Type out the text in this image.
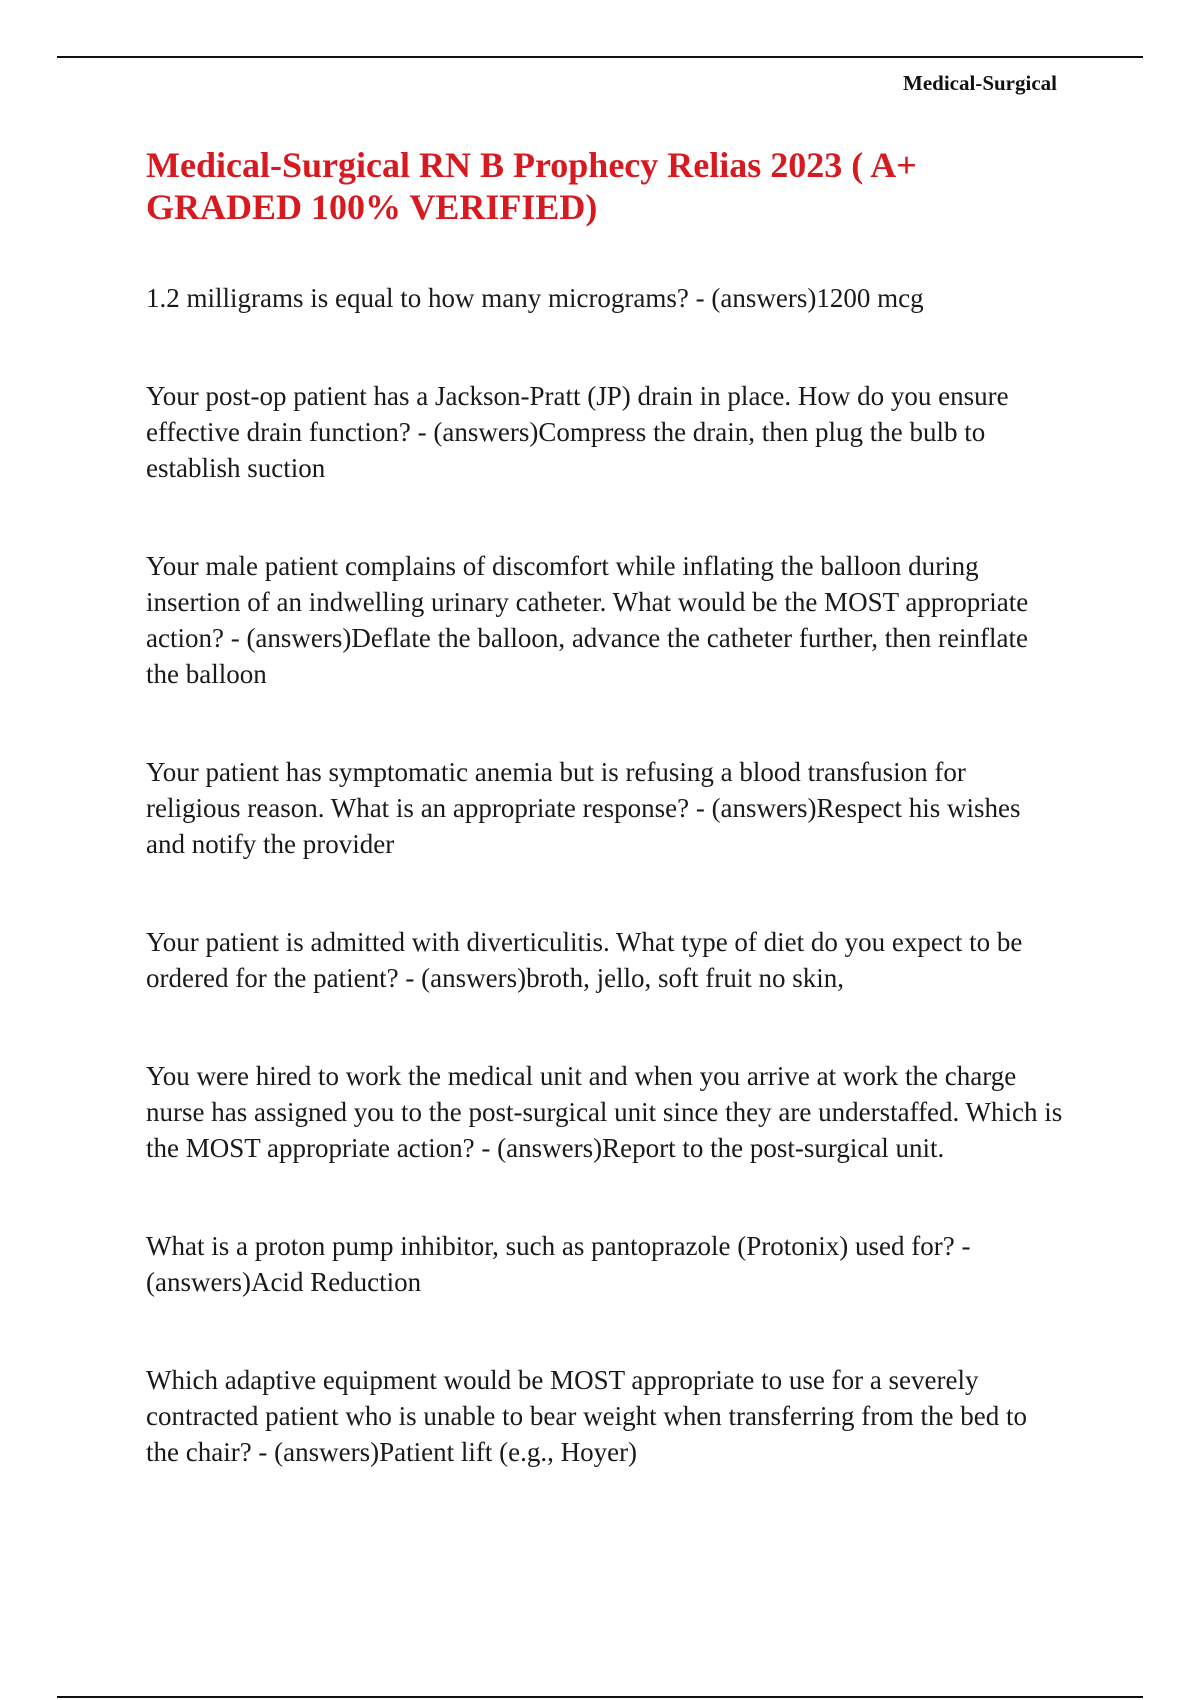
Medical-Surgical
Medical-Surgical RN B Prophecy Relias 2023 ( A+ GRADED 100% VERIFIED)
1.2 milligrams is equal to how many micrograms? - (answers)1200 mcg
Your post-op patient has a Jackson-Pratt (JP) drain in place. How do you ensure effective drain function? - (answers)Compress the drain, then plug the bulb to establish suction
Your male patient complains of discomfort while inflating the balloon during insertion of an indwelling urinary catheter. What would be the MOST appropriate action? - (answers)Deflate the balloon, advance the catheter further, then reinflate the balloon
Your patient has symptomatic anemia but is refusing a blood transfusion for religious reason. What is an appropriate response? - (answers)Respect his wishes and notify the provider
Your patient is admitted with diverticulitis. What type of diet do you expect to be ordered for the patient? - (answers)broth, jello, soft fruit no skin,
You were hired to work the medical unit and when you arrive at work the charge nurse has assigned you to the post-surgical unit since they are understaffed. Which is the MOST appropriate action? - (answers)Report to the post-surgical unit.
What is a proton pump inhibitor, such as pantoprazole (Protonix) used for? - (answers)Acid Reduction
Which adaptive equipment would be MOST appropriate to use for a severely contracted patient who is unable to bear weight when transferring from the bed to the chair? - (answers)Patient lift (e.g., Hoyer)
